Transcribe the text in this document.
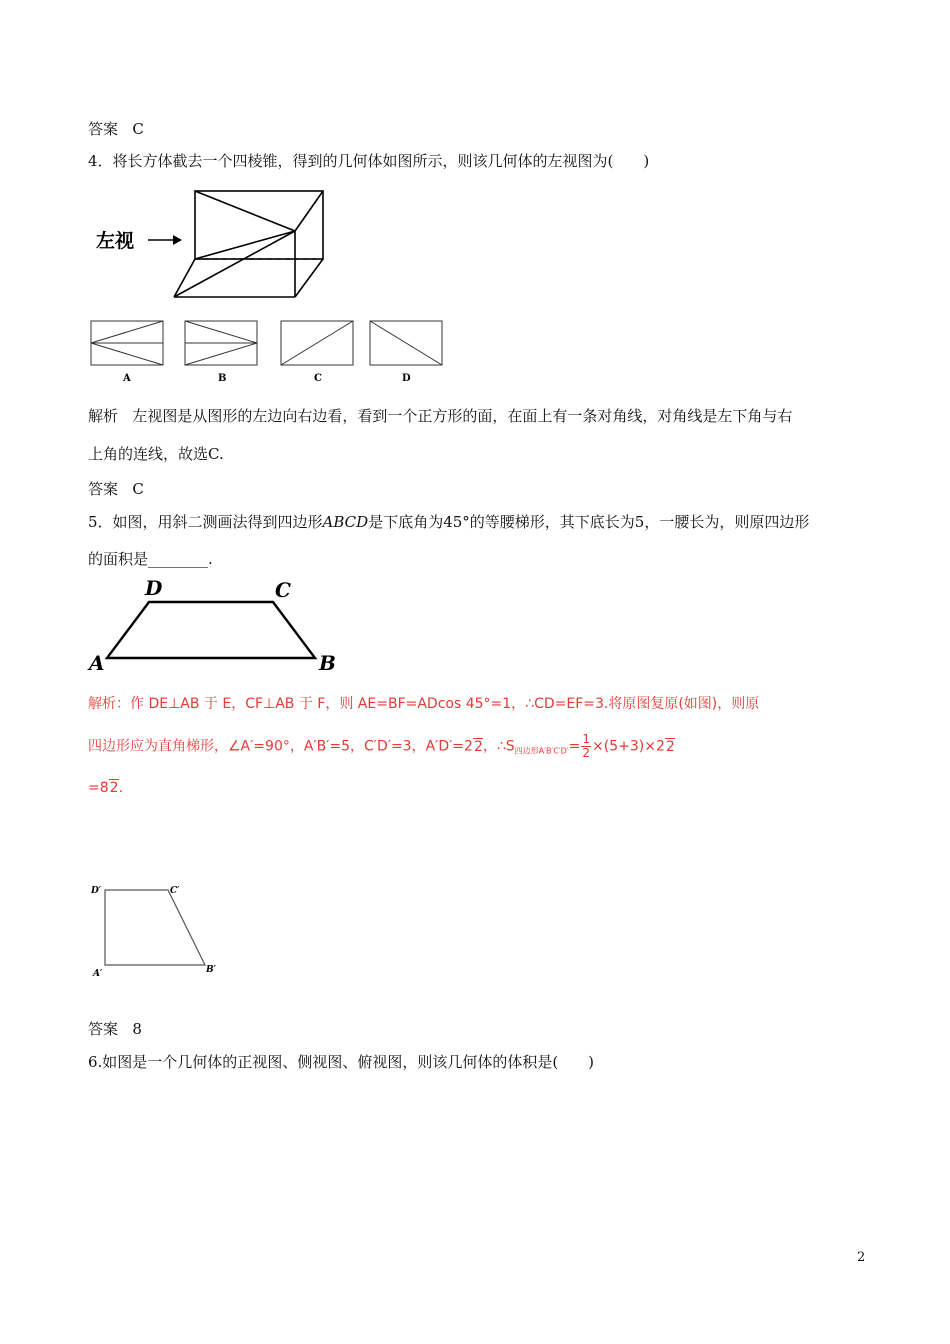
答案 C
4．将长方体截去一个四棱锥，得到的几何体如图所示，则该几何体的左视图为(　　)
左视
A	B	C	D
解析 左视图是从图形的左边向右边看，看到一个正方形的面，在面上有一条对角线，对角线是左下角与右
上角的连线，故选C.
答案 C
5．如图，用斜二测画法得到四边形ABCD是下底角为45°的等腰梯形，其下底长为5，一腰长为，则原四边形
的面积是________.
A	B
C
D
解析：作 DE⊥AB 于 E，CF⊥AB 于 F，则 AE=BF=ADcos 45°=1，∴CD=EF=3.将原图复原(如图)，则原
四边形应为直角梯形，∠A′=90°，A′B′=5，C′D′=3，A′D′=22，$\therefore S_{四边形A'B'C'D'}= \frac{1}{2} \times(5+3)\times 22$
=82.
A′	B′
C′
D′
答案 8
6.如图是一个几何体的正视图、侧视图、俯视图，则该几何体的体积是(　　)
2
